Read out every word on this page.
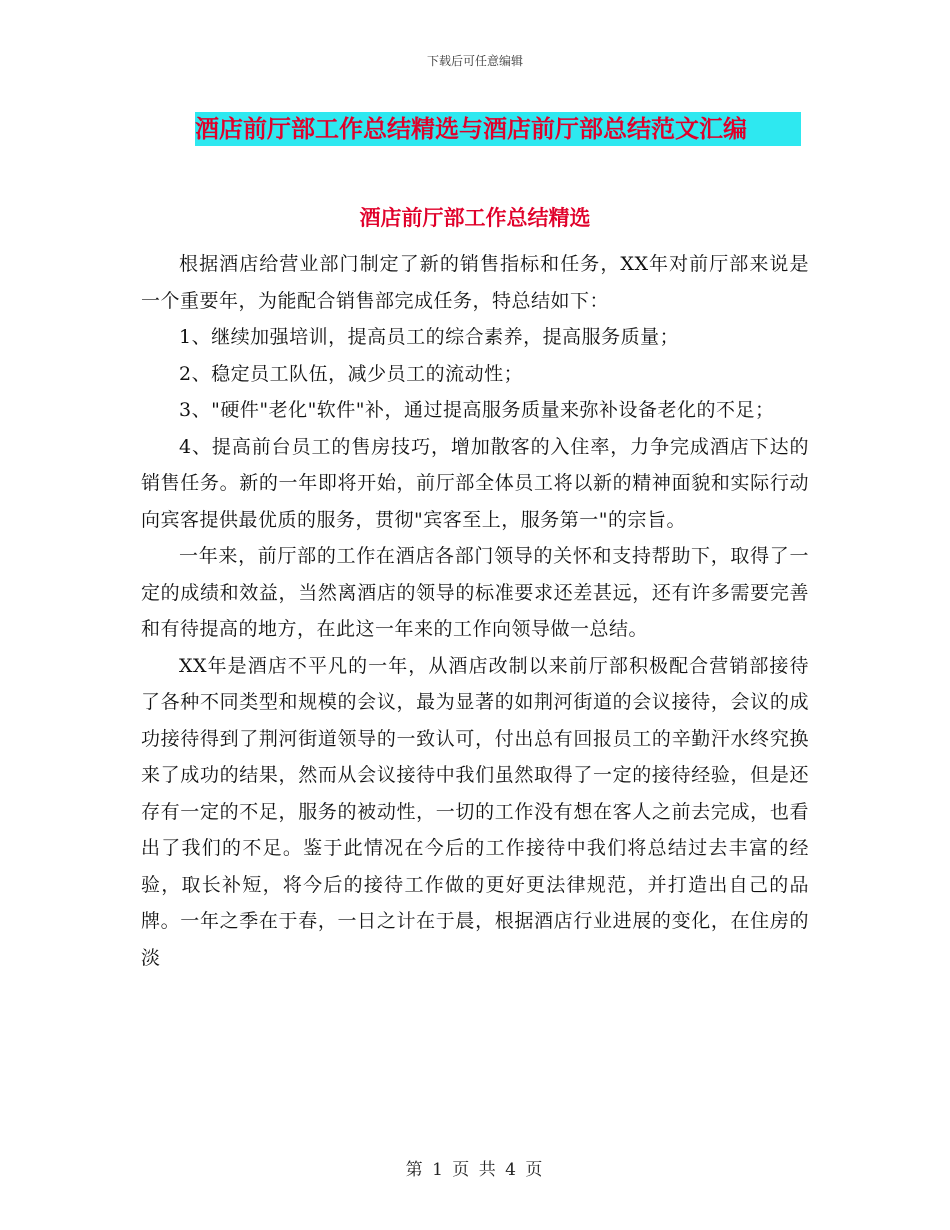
下载后可任意编辑
酒店前厅部工作总结精选与酒店前厅部总结范文汇编
酒店前厅部工作总结精选

根据酒店给营业部门制定了新的销售指标和任务，XX年对前厅部来说是一个重要年，为能配合销售部完成任务，特总结如下：

1、继续加强培训，提高员工的综合素养，提高服务质量；

2、稳定员工队伍，减少员工的流动性；

3、"硬件"老化"软件"补，通过提高服务质量来弥补设备老化的不足；

4、提高前台员工的售房技巧，增加散客的入住率，力争完成酒店下达的销售任务。新的一年即将开始，前厅部全体员工将以新的精神面貌和实际行动向宾客提供最优质的服务，贯彻"宾客至上，服务第一"的宗旨。

一年来，前厅部的工作在酒店各部门领导的关怀和支持帮助下，取得了一定的成绩和效益，当然离酒店的领导的标准要求还差甚远，还有许多需要完善和有待提高的地方，在此这一年来的工作向领导做一总结。

XX年是酒店不平凡的一年，从酒店改制以来前厅部积极配合营销部接待了各种不同类型和规模的会议，最为显著的如荆河街道的会议接待，会议的成功接待得到了荆河街道领导的一致认可，付出总有回报员工的辛勤汗水终究换来了成功的结果，然而从会议接待中我们虽然取得了一定的接待经验，但是还存有一定的不足，服务的被动性，一切的工作没有想在客人之前去完成，也看出了我们的不足。鉴于此情况在今后的工作接待中我们将总结过去丰富的经验，取长补短，将今后的接待工作做的更好更法律规范，并打造出自己的品牌。一年之季在于春，一日之计在于晨，根据酒店行业进展的变化，在住房的淡

第 1 页 共 4 页
